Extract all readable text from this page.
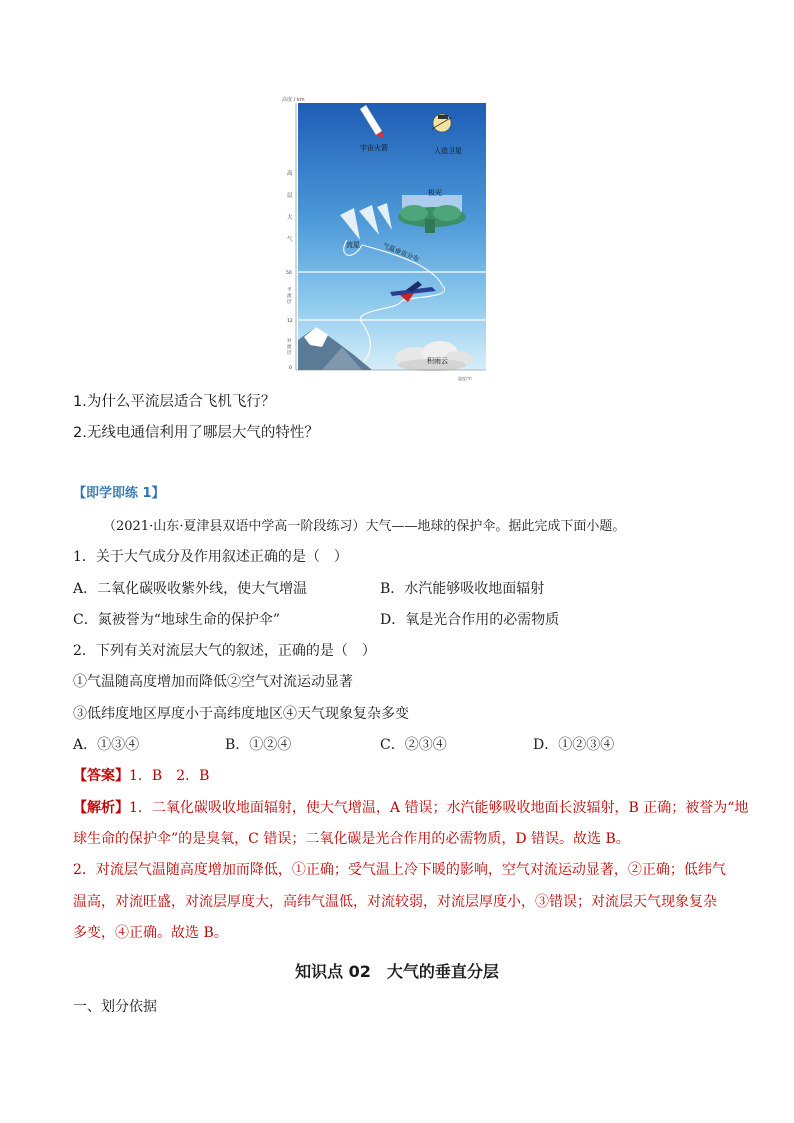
高度 / km
高层大气
平流层
对流层
50
12
0
宇宙火箭	人造卫星
极光
流星	气温垂直分布
积雨云
温度/℃
1.为什么平流层适合飞机飞行？
2.无线电通信利用了哪层大气的特性？
【即学即练 1】
（2021·山东·夏津县双语中学高一阶段练习）大气——地球的保护伞。据此完成下面小题。
1．关于大气成分及作用叙述正确的是（　）
A．二氧化碳吸收紫外线，使大气增温	B．水汽能够吸收地面辐射
C．氮被誉为“地球生命的保护伞”	D．氧是光合作用的必需物质
2．下列有关对流层大气的叙述，正确的是（　）
①气温随高度增加而降低②空气对流运动显著
③低纬度地区厚度小于高纬度地区④天气现象复杂多变
A．①③④	B．①②④	C．②③④	D．①②③④
【答案】1．B　2．B
【解析】1．二氧化碳吸收地面辐射，使大气增温，A 错误；水汽能够吸收地面长波辐射，B 正确；被誉为“地
球生命的保护伞”的是臭氧，C 错误；二氧化碳是光合作用的必需物质，D 错误。故选 B。
2．对流层气温随高度增加而降低，①正确；受气温上冷下暖的影响，空气对流运动显著，②正确；低纬气
温高，对流旺盛，对流层厚度大，高纬气温低，对流较弱，对流层厚度小，③错误；对流层天气现象复杂
多变，④正确。故选 B。
知识点 02　大气的垂直分层
一、划分依据
